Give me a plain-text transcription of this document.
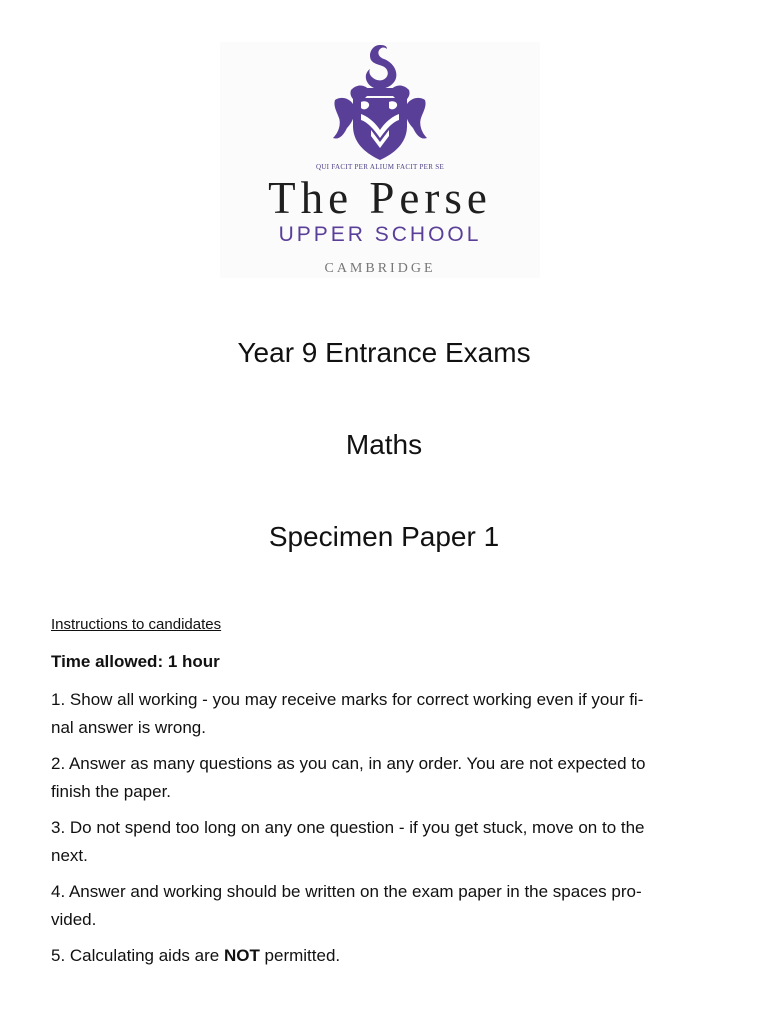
QUI FACIT PER ALIUM FACIT PER SE
The Perse
UPPER SCHOOL
CAMBRIDGE
Year 9 Entrance Exams
Maths
Specimen Paper 1
Instructions to candidates
Time allowed: 1 hour
1. Show all working - you may receive marks for correct working even if your fi-
nal answer is wrong.
2. Answer as many questions as you can, in any order. You are not expected to
finish the paper.
3. Do not spend too long on any one question - if you get stuck, move on to the
next.
4. Answer and working should be written on the exam paper in the spaces pro-
vided.
5. Calculating aids are NOT permitted.
